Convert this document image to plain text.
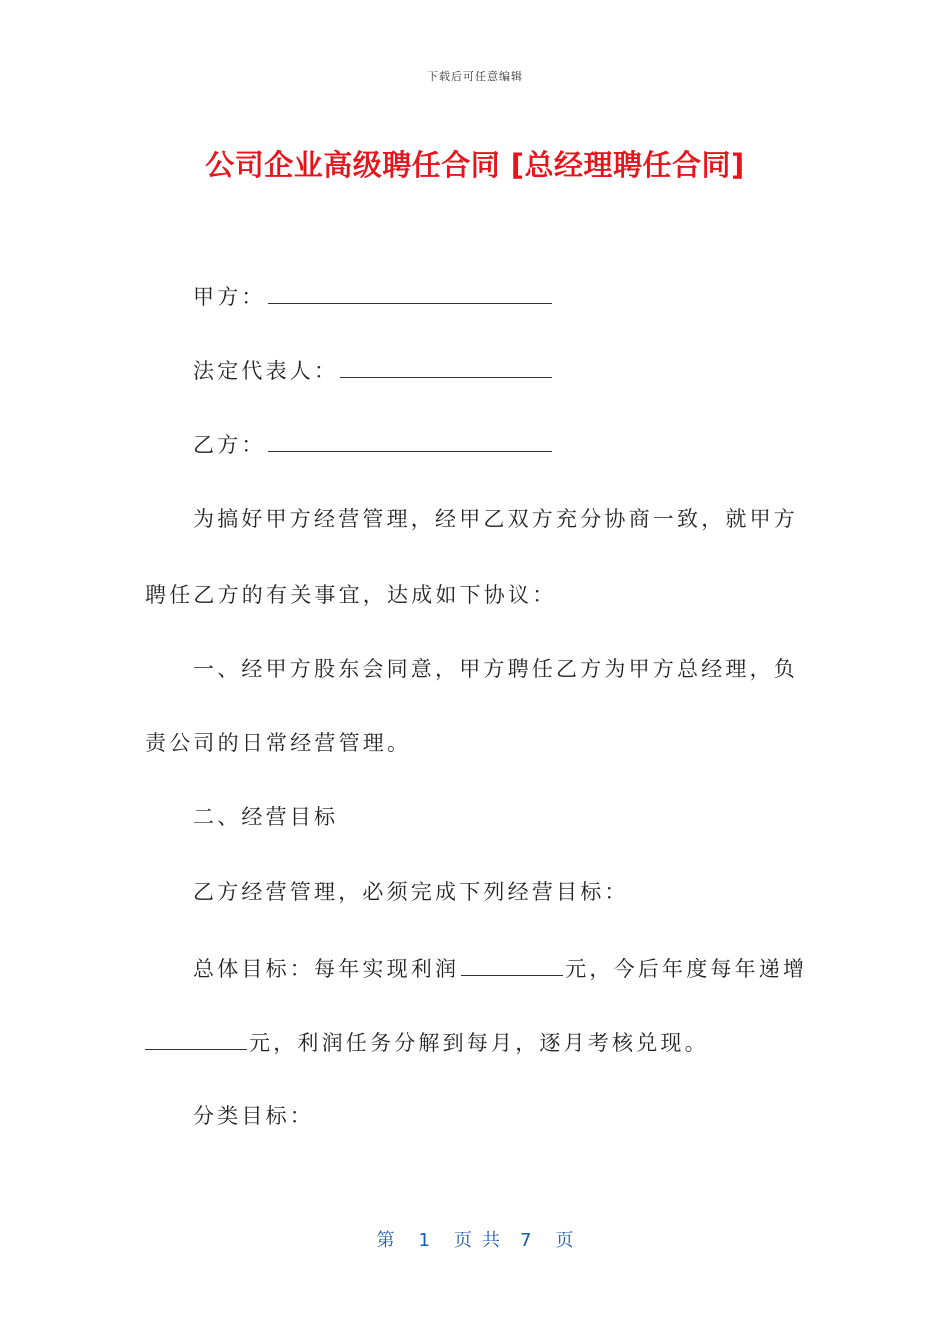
下载后可任意编辑
公司企业高级聘任合同 [总经理聘任合同]
甲方：
法定代表人：
乙方：
为搞好甲方经营管理，经甲乙双方充分协商一致，就甲方
聘任乙方的有关事宜，达成如下协议：
一、经甲方股东会同意，甲方聘任乙方为甲方总经理，负
责公司的日常经营管理。
二、经营目标
乙方经营管理，必须完成下列经营目标：
总体目标：每年实现利润	元，今后年度每年递增
元，利润任务分解到每月，逐月考核兑现。
分类目标：
第 1 页共 7 页
